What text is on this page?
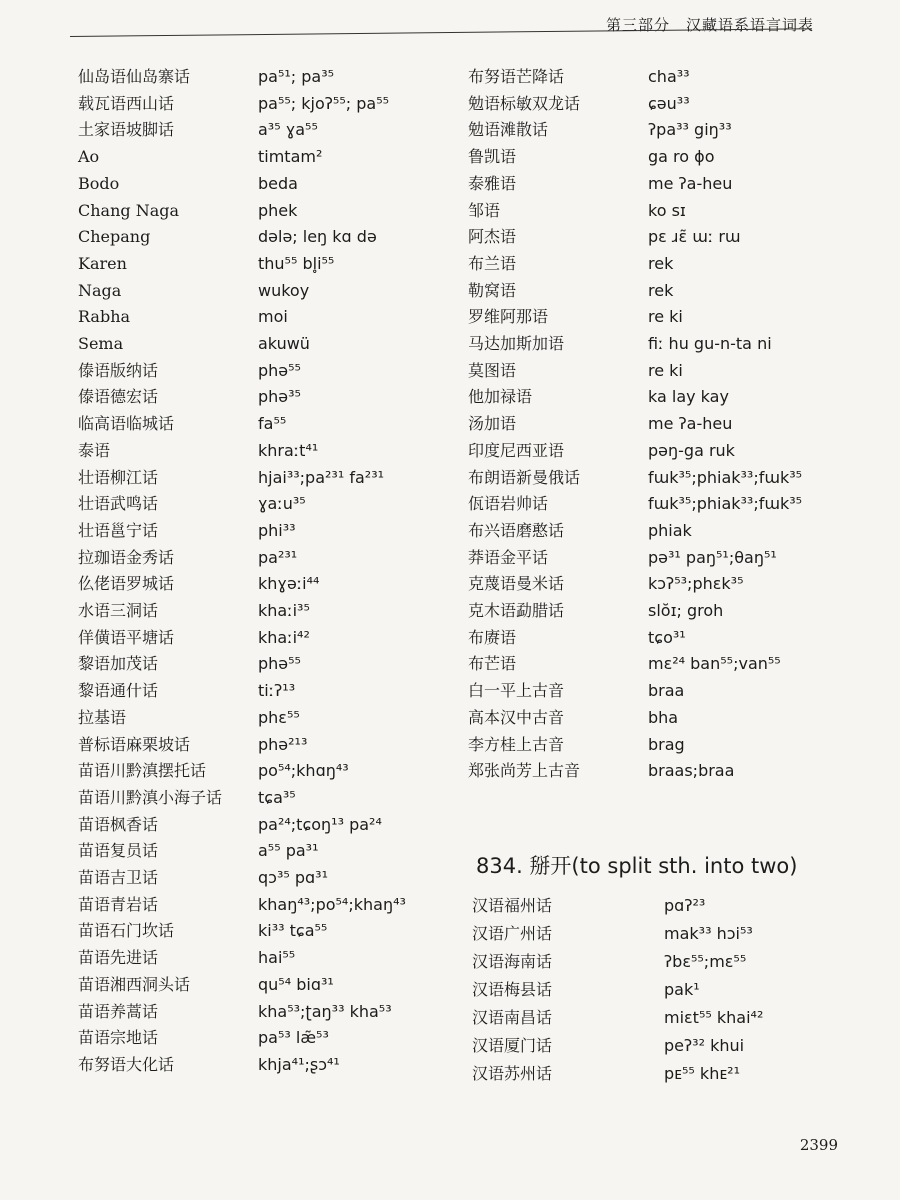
第三部分　汉藏语系语言词表
仙岛语仙岛寨话	pa⁵¹; pa³⁵
载瓦语西山话	pa⁵⁵; kjoʔ⁵⁵; pa⁵⁵
土家语坡脚话	a³⁵ ɣa⁵⁵
Ao	timtam²
Bodo	beda
Chang Naga	phek
Chepang	dələ; leŋ kɑ də
Karen	thu⁵⁵ bl̥i⁵⁵
Naga	wukoy
Rabha	moi
Sema	akuwü
傣语版纳话	phə⁵⁵
傣语德宏话	phə³⁵
临高语临城话	fa⁵⁵
泰语	khraːt⁴¹
壮语柳江话	hjai³³;pa²³¹ fa²³¹
壮语武鸣话	ɣaːu³⁵
壮语邕宁话	phi³³
拉珈语金秀话	pa²³¹
仫佬语罗城话	khɣəːi⁴⁴
水语三洞话	khaːi³⁵
佯僙语平塘话	khaːi⁴²
黎语加茂话	phə⁵⁵
黎语通什话	tiːʔ¹³
拉基语	phɛ⁵⁵
普标语麻栗坡话	phə²¹³
苗语川黔滇摆托话	po⁵⁴;khɑŋ⁴³
苗语川黔滇小海子话 tɕa³⁵
苗语枫香话	pa²⁴;tɕoŋ¹³ pa²⁴
苗语复员话	a⁵⁵ pa³¹
苗语吉卫话	qɔ³⁵ pɑ³¹
苗语青岩话	khaŋ⁴³;po⁵⁴;khaŋ⁴³
苗语石门坎话	ki³³ tɕa⁵⁵
苗语先进话	hai⁵⁵
苗语湘西洞头话	qu⁵⁴ biɑ³¹
苗语养蒿话	kha⁵³;ʈaŋ³³ kha⁵³
苗语宗地话	pa⁵³ læ̃⁵³
布努语大化话	khja⁴¹;ʂɔ⁴¹
布努语芒降话	cha³³
勉语标敏双龙话	ɕəu³³
勉语滩散话	ʔpa³³ giŋ³³
鲁凯语	ga ro ɸo
泰雅语	me ʔa-heu
邹语	ko sɪ
阿杰语	pɛ ɹɛ̃ ɯː rɯ
布兰语	rek
勒窝语	rek
罗维阿那语	re ki
马达加斯加语	fiː hu gu-n-ta ni
莫图语	re ki
他加禄语	ka lay kay
汤加语	me ʔa-heu
印度尼西亚语	pəŋ-ga ruk
布朗语新曼俄话	fɯk³⁵;phiak³³;fɯk³⁵
佤语岩帅话	fɯk³⁵;phiak³³;fɯk³⁵
布兴语磨憨话	phiak
莽语金平话	pə³¹ paŋ⁵¹;θaŋ⁵¹
克蔑语曼米话	kɔʔ⁵³;phɛk³⁵
克木语勐腊话	slŏɪ; groh
布赓语	tɕo³¹
布芒语	mɛ²⁴ ban⁵⁵;van⁵⁵
白一平上古音	braa
高本汉中古音	bha
李方桂上古音	brag
郑张尚芳上古音	braas;braa
834. 掰开(to split sth. into two)
汉语福州话	pɑʔ²³
汉语广州话	mak³³ hɔi⁵³
汉语海南话	ʔbɛ⁵⁵;mɛ⁵⁵
汉语梅县话	pak¹
汉语南昌话	miɛt⁵⁵ khai⁴²
汉语厦门话	peʔ³² khui
汉语苏州话	pᴇ⁵⁵ khᴇ²¹
2399
